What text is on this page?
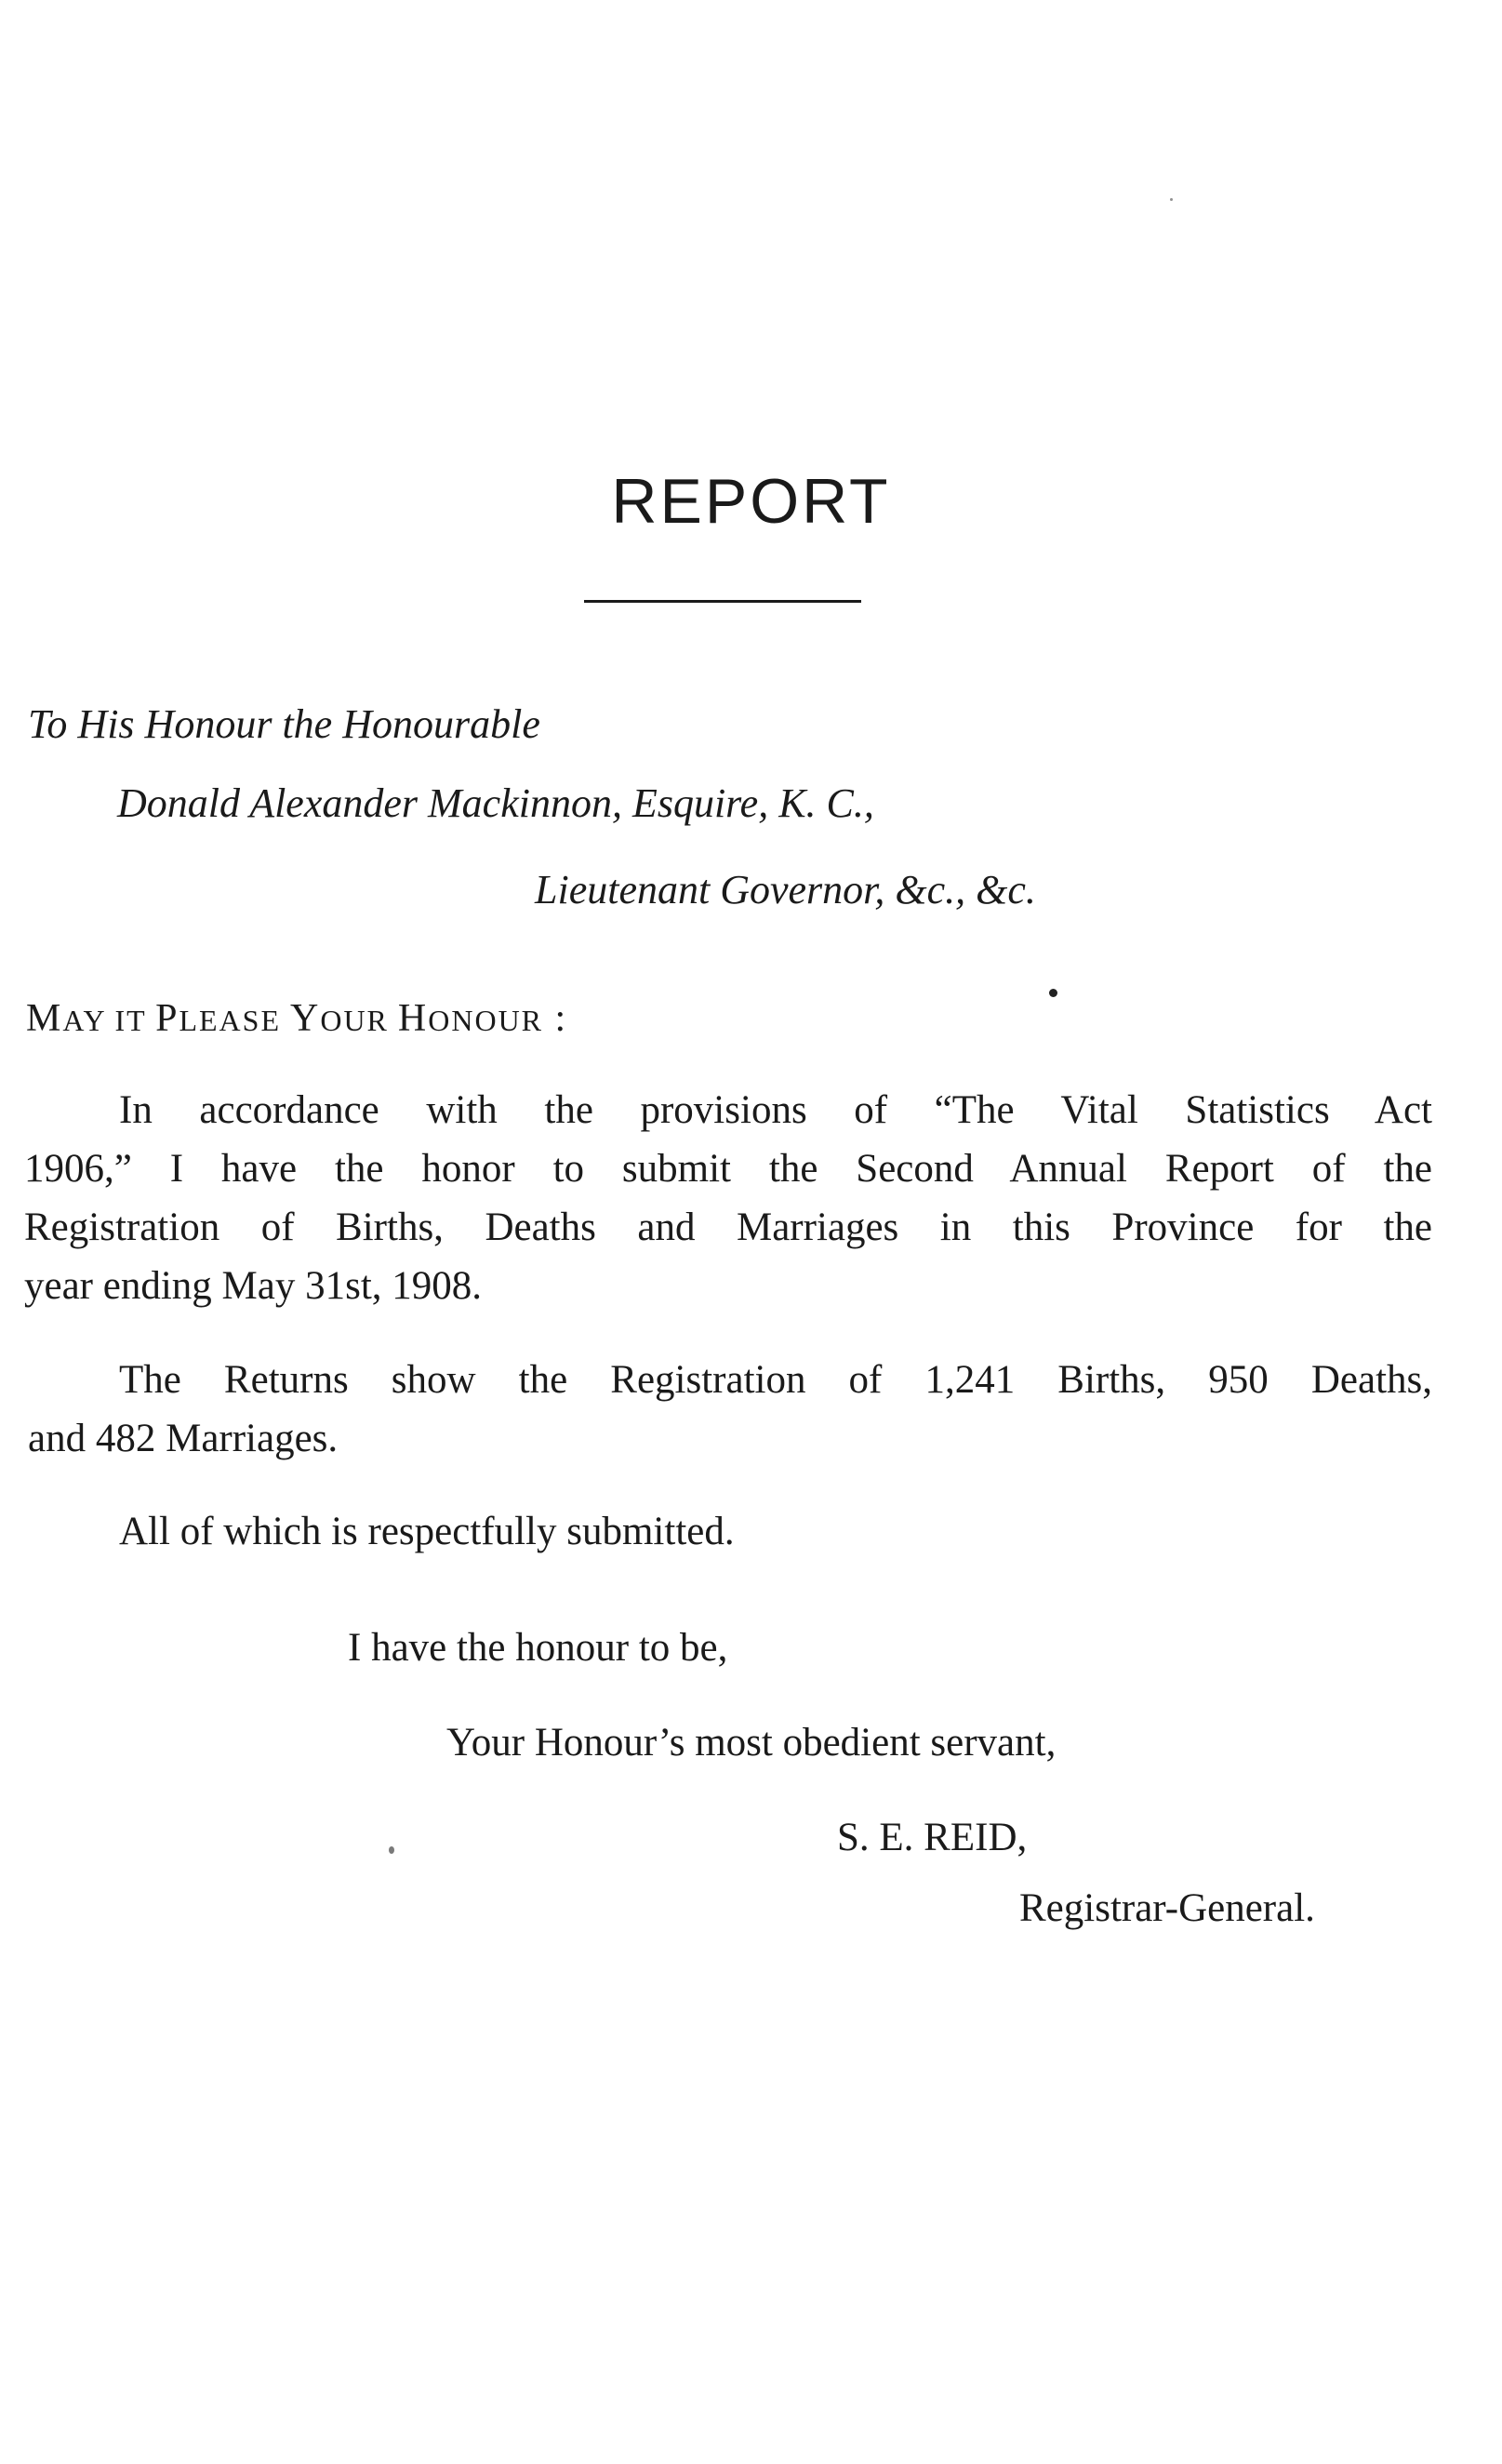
REPORT
To His Honour the Honourable
Donald Alexander Mackinnon, Esquire, K. C.,
Lieutenant Governor, &c., &c.
MAY IT PLEASE YOUR HONOUR :
In accordance with the provisions of “The Vital Statistics Act
1906,” I have the honor to submit the Second Annual Report of the
Registration of Births, Deaths and Marriages in this Province for the
year ending May 31st, 1908.
The Returns show the Registration of 1,241 Births, 950 Deaths,
and 482 Marriages.
All of which is respectfully submitted.
I have the honour to be,
Your Honour’s most obedient servant,
S. E. REID,
Registrar-General.
